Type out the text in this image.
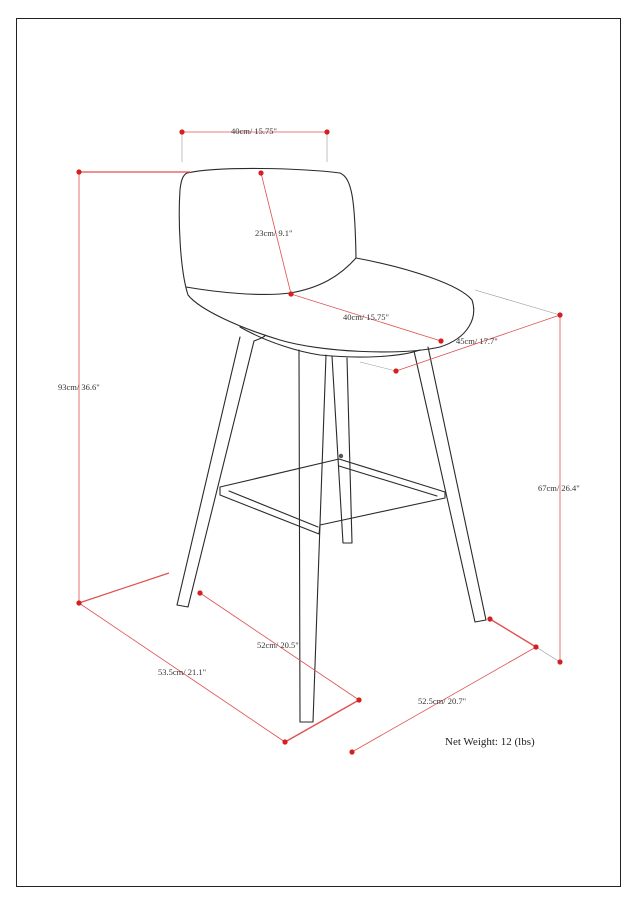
40cm/ 15.75"
23cm/ 9.1"
40cm/ 15.75"
45cm/ 17.7"
93cm/ 36.6"
67cm/ 26.4"
52cm/ 20.5"
53.5cm/ 21.1"
52.5cm/ 20.7"
Net Weight: 12 (lbs)
